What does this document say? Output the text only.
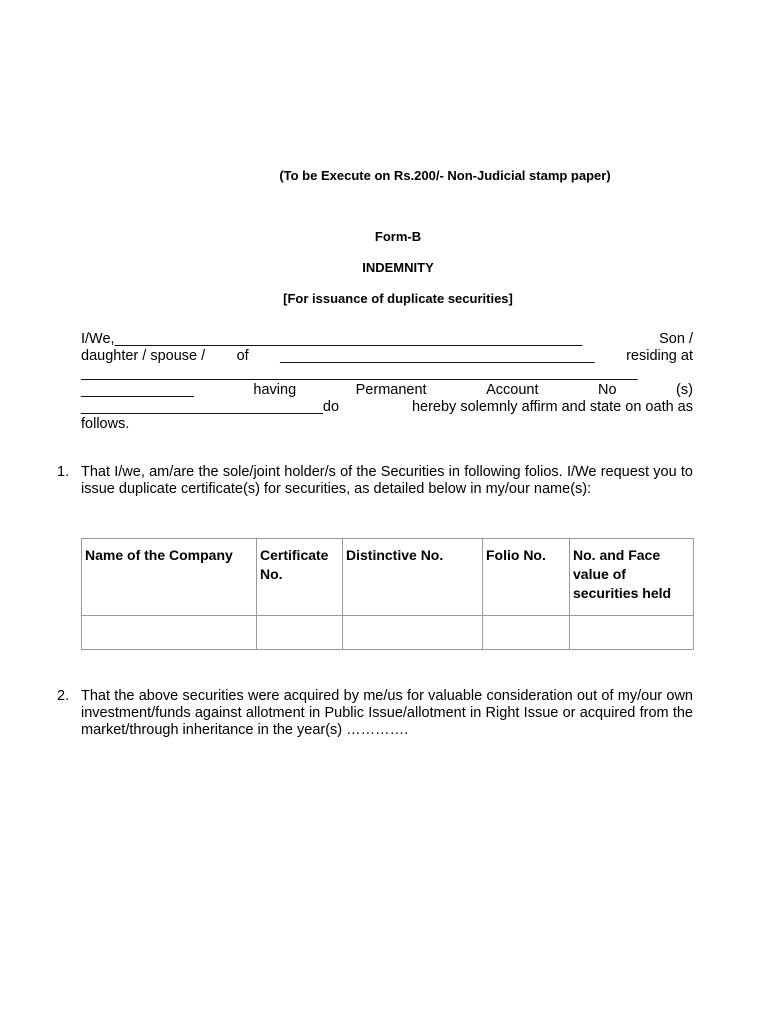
(To be Execute on Rs.200/- Non-Judicial stamp paper)
Form-B
INDEMNITY
[For issuance of duplicate securities]
I/We,__________________________________________________________	Son /
daughter / spouse / of _______________________________________ residing at
_____________________________________________________________________
______________	having	Permanent	Account	No	(s)
______________________________do	hereby solemnly affirm and state on oath as
follows.
1. That I/we, am/are the sole/joint holder/s of the Securities in following folios. I/We request you to issue duplicate certificate(s) for securities, as detailed below in my/our name(s):
Name of the Company	Certificate No.	Distinctive No.	Folio No.	No. and Face value of securities held

2. That the above securities were acquired by me/us for valuable consideration out of my/our own investment/funds against allotment in Public Issue/allotment in Right Issue or acquired from the market/through inheritance in the year(s) ………….
